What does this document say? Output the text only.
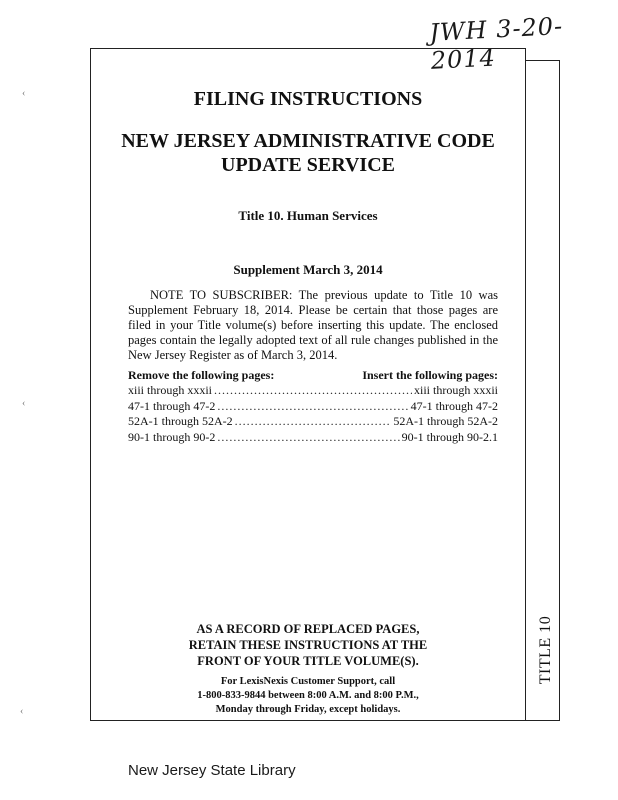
JWH 3-20-2014
TITLE 10
‹
‹
‹
FILING INSTRUCTIONS
NEW JERSEY ADMINISTRATIVE CODE
UPDATE SERVICE
Title 10. Human Services
Supplement March 3, 2014
NOTE TO SUBSCRIBER: The previous update to Title 10 was Supplement February 18, 2014. Please be certain that those pages are filed in your Title volume(s) before inserting this update. The enclosed pages contain the legally adopted text of all rule changes published in the New Jersey Register as of March 3, 2014.
Remove the following pages:	Insert the following pages:
xiii through xxxii .....	xiii through xxxii
47-1 through 47-2 .....	47-1 through 47-2
52A-1 through 52A-2 .....	52A-1 through 52A-2
90-1 through 90-2 .....	90-1 through 90-2.1
AS A RECORD OF REPLACED PAGES,
RETAIN THESE INSTRUCTIONS AT THE
FRONT OF YOUR TITLE VOLUME(S).
For LexisNexis Customer Support, call
1-800-833-9844 between 8:00 A.M. and 8:00 P.M.,
Monday through Friday, except holidays.
New Jersey State Library
